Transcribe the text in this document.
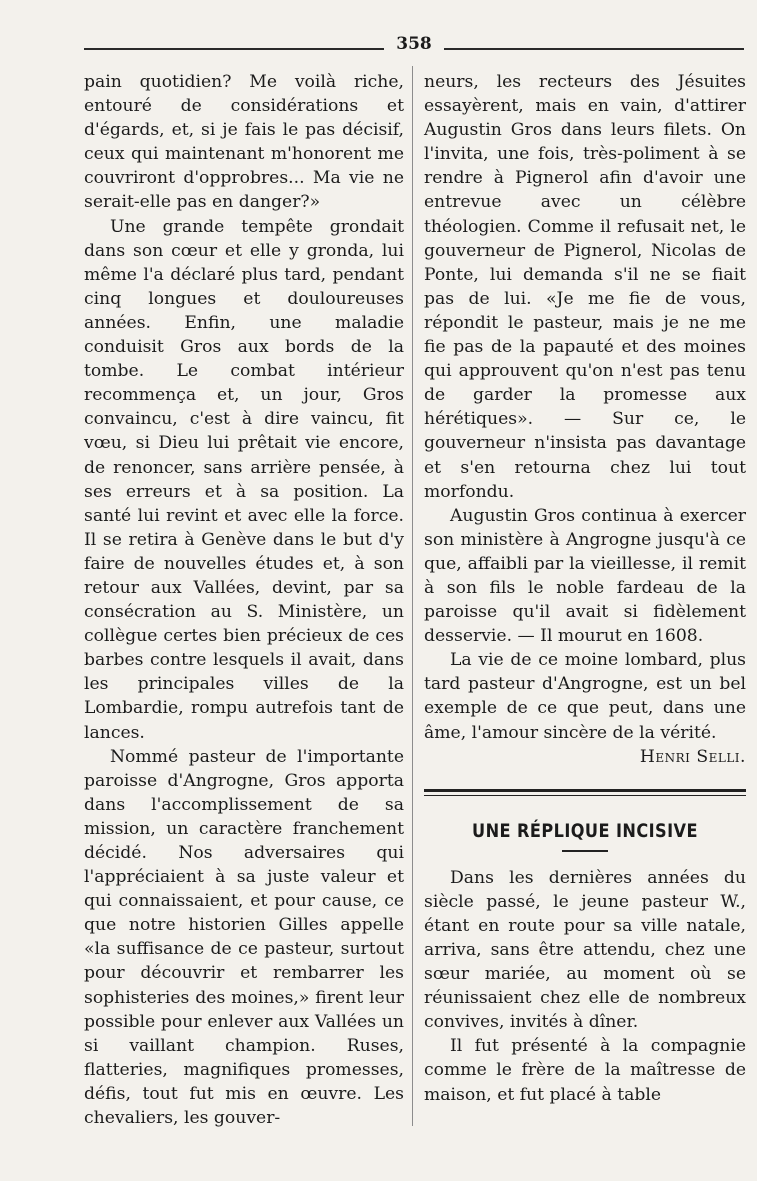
358

pain quotidien? Me voilà riche, entouré de considérations et d'égards, et, si je fais le pas décisif, ceux qui maintenant m'honorent me couvriront d'opprobres... Ma vie ne serait-elle pas en danger?»

Une grande tempête grondait dans son cœur et elle y gronda, lui même l'a déclaré plus tard, pendant cinq longues et douloureuses années. Enfin, une maladie conduisit Gros aux bords de la tombe. Le combat intérieur recommença et, un jour, Gros convaincu, c'est à dire vaincu, fit vœu, si Dieu lui prêtait vie encore, de renoncer, sans arrière pensée, à ses erreurs et à sa position. La santé lui revint et avec elle la force. Il se retira à Genève dans le but d'y faire de nouvelles études et, à son retour aux Vallées, devint, par sa consécration au S. Ministère, un collègue certes bien précieux de ces barbes contre lesquels il avait, dans les principales villes de la Lombardie, rompu autrefois tant de lances.

Nommé pasteur de l'importante paroisse d'Angrogne, Gros apporta dans l'accomplissement de sa mission, un caractère franchement décidé. Nos adversaires qui l'appréciaient à sa juste valeur et qui connaissaient, et pour cause, ce que notre historien Gilles appelle «la suffisance de ce pasteur, surtout pour découvrir et rembarrer les sophisteries des moines,» firent leur possible pour enlever aux Vallées un si vaillant champion. Ruses, flatteries, magnifiques promesses, défis, tout fut mis en œuvre. Les chevaliers, les gouver-

neurs, les recteurs des Jésuites essayèrent, mais en vain, d'attirer Augustin Gros dans leurs filets. On l'invita, une fois, très-poliment à se rendre à Pignerol afin d'avoir une entrevue avec un célèbre théologien. Comme il refusait net, le gouverneur de Pignerol, Nicolas de Ponte, lui demanda s'il ne se fiait pas de lui. «Je me fie de vous, répondit le pasteur, mais je ne me fie pas de la papauté et des moines qui approuvent qu'on n'est pas tenu de garder la promesse aux hérétiques». — Sur ce, le gouverneur n'insista pas davantage et s'en retourna chez lui tout morfondu.

Augustin Gros continua à exercer son ministère à Angrogne jusqu'à ce que, affaibli par la vieillesse, il remit à son fils le noble fardeau de la paroisse qu'il avait si fidèlement desservie. — Il mourut en 1608.

La vie de ce moine lombard, plus tard pasteur d'Angrogne, est un bel exemple de ce que peut, dans une âme, l'amour sincère de la vérité.

Henri Selli.
UNE RÉPLIQUE INCISIVE

Dans les dernières années du siècle passé, le jeune pasteur W., étant en route pour sa ville natale, arriva, sans être attendu, chez une sœur mariée, au moment où se réunissaient chez elle de nombreux convives, invités à dîner.

Il fut présenté à la compagnie comme le frère de la maîtresse de maison, et fut placé à table
